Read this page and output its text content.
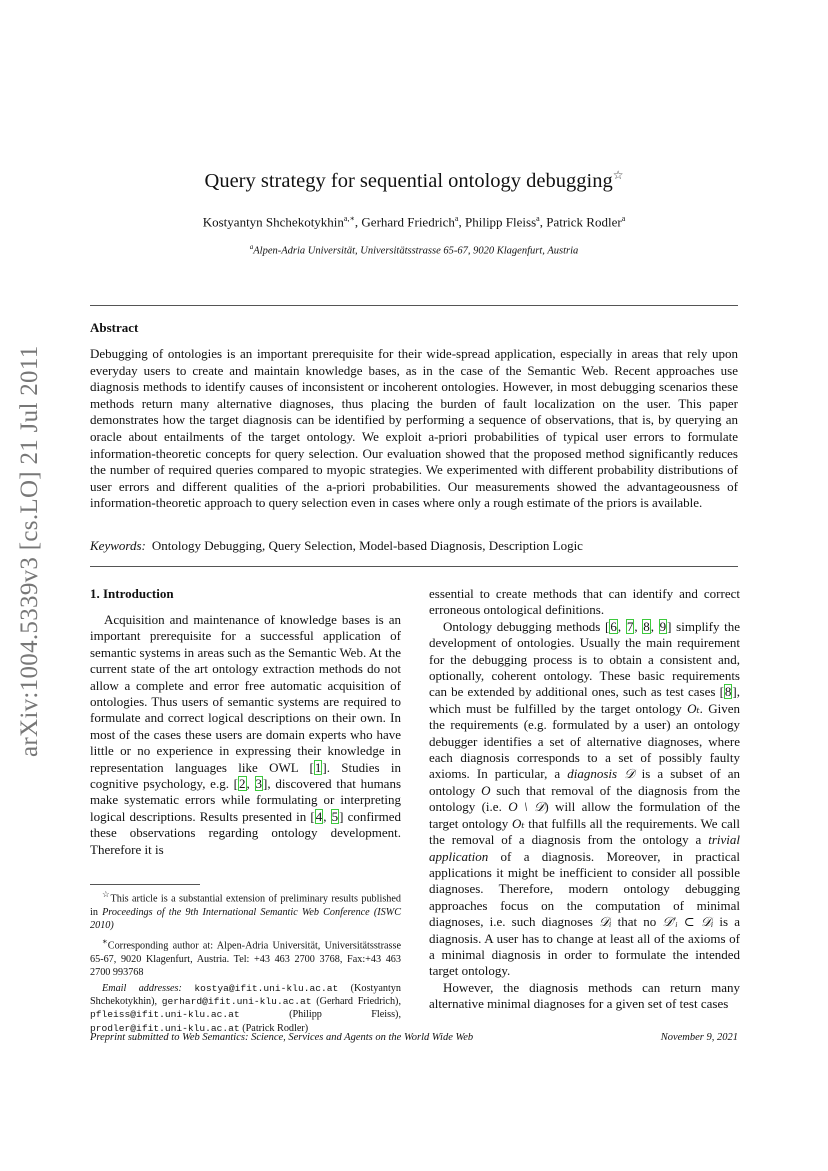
arXiv:1004.5339v3 [cs.LO] 21 Jul 2011
Query strategy for sequential ontology debugging☆
Kostyantyn Shchekotykhin$^{a,∗}$, Gerhard Friedrich$^a$, Philipp Fleiss$^a$, Patrick Rodler$^a$
$^a$Alpen-Adria Universität, Universitätsstrasse 65-67, 9020 Klagenfurt, Austria
Abstract
Debugging of ontologies is an important prerequisite for their wide-spread application, especially in areas that rely upon everyday users to create and maintain knowledge bases, as in the case of the Semantic Web. Recent approaches use diagnosis methods to identify causes of inconsistent or incoherent ontologies. However, in most debugging scenarios these methods return many alternative diagnoses, thus placing the burden of fault localization on the user. This paper demonstrates how the target diagnosis can be identified by performing a sequence of observations, that is, by querying an oracle about entailments of the target ontology. We exploit a-priori probabilities of typical user errors to formulate information-theoretic concepts for query selection. Our evaluation showed that the proposed method significantly reduces the number of required queries compared to myopic strategies. We experimented with different probability distributions of user errors and different qualities of the a-priori probabilities. Our measurements showed the advantageousness of information-theoretic approach to query selection even in cases where only a rough estimate of the priors is available.
Keywords: Ontology Debugging, Query Selection, Model-based Diagnosis, Description Logic
1. Introduction

Acquisition and maintenance of knowledge bases is an important prerequisite for a successful application of semantic systems in areas such as the Semantic Web. At the current state of the art ontology extraction methods do not allow a complete and error free automatic acquisition of ontologies. Thus users of semantic systems are required to formulate and correct logical descriptions on their own. In most of the cases these users are domain experts who have little or no experience in expressing their knowledge in representation languages like OWL [1]. Studies in cognitive psychology, e.g. [2, 3], discovered that humans make systematic errors while formulating or interpreting logical descriptions. Results presented in [4, 5] confirmed these observations regarding ontology development. Therefore it is

essential to create methods that can identify and correct erroneous ontological definitions.

Ontology debugging methods [6, 7, 8, 9] simplify the development of ontologies. Usually the main requirement for the debugging process is to obtain a consistent and, optionally, coherent ontology. These basic requirements can be extended by additional ones, such as test cases [8], which must be fulfilled by the target ontology Oₜ. Given the requirements (e.g. formulated by a user) an ontology debugger identifies a set of alternative diagnoses, where each diagnosis corresponds to a set of possibly faulty axioms. In particular, a diagnosis 𝒟 is a subset of an ontology O such that removal of the diagnosis from the ontology (i.e. O \ 𝒟) will allow the formulation of the target ontology Oₜ that fulfills all the requirements. We call the removal of a diagnosis from the ontology a trivial application of a diagnosis. Moreover, in practical applications it might be inefficient to consider all possible diagnoses. Therefore, modern ontology debugging approaches focus on the computation of minimal diagnoses, i.e. such diagnoses 𝒟ᵢ that no 𝒟′ᵢ ⊂ 𝒟ᵢ is a diagnosis. A user has to change at least all of the axioms of a minimal diagnosis in order to formulate the intended target ontology.

However, the diagnosis methods can return many alternative minimal diagnoses for a given set of test cases

☆This article is a substantial extension of preliminary results published in Proceedings of the 9th International Semantic Web Conference (ISWC 2010)

∗Corresponding author at: Alpen-Adria Universität, Universitätsstrasse 65-67, 9020 Klagenfurt, Austria. Tel: +43 463 2700 3768, Fax:+43 463 2700 993768

Email addresses: kostya@ifit.uni-klu.ac.at (Kostyantyn Shchekotykhin), gerhard@ifit.uni-klu.ac.at (Gerhard Friedrich), pfleiss@ifit.uni-klu.ac.at (Philipp Fleiss), prodler@ifit.uni-klu.ac.at (Patrick Rodler)

Preprint submitted to Web Semantics: Science, Services and Agents on the World Wide Web	November 9, 2021
